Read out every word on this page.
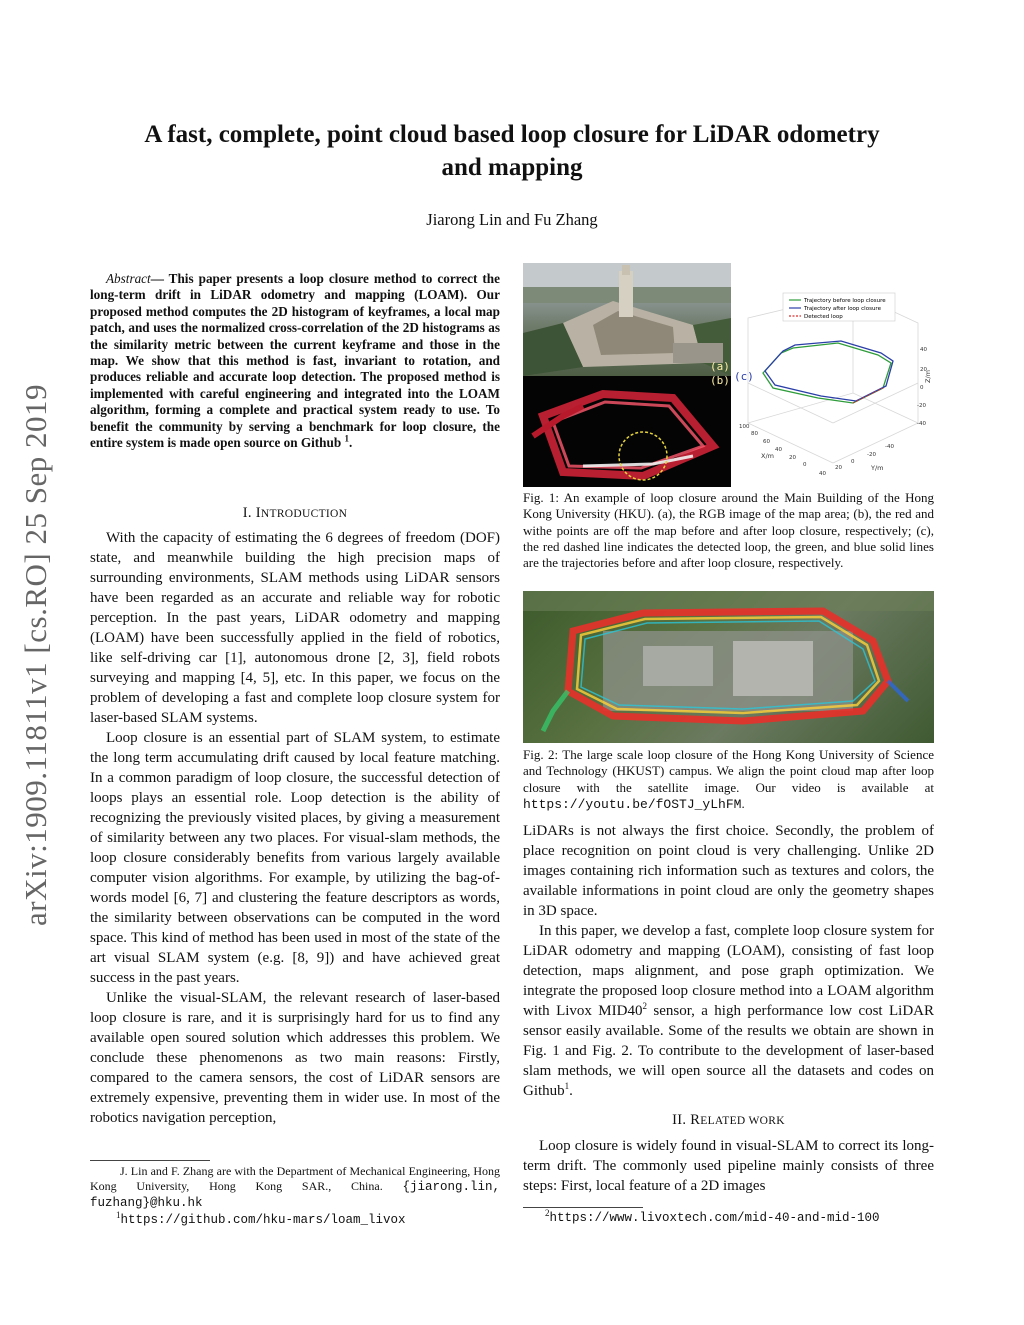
arXiv:1909.11811v1 [cs.RO] 25 Sep 2019
A fast, complete, point cloud based loop closure for LiDAR odometry
and mapping
Jiarong Lin and Fu Zhang

Abstract— This paper presents a loop closure method to correct the long-term drift in LiDAR odometry and mapping (LOAM). Our proposed method computes the 2D histogram of keyframes, a local map patch, and uses the normalized cross-correlation of the 2D histograms as the similarity metric between the current keyframe and those in the map. We show that this method is fast, invariant to rotation, and produces reliable and accurate loop detection. The proposed method is implemented with careful engineering and integrated into the LOAM algorithm, forming a complete and practical system ready to use. To benefit the community by serving a benchmark for loop closure, the entire system is made open source on Github $^1$.

I. INTRODUCTION

With the capacity of estimating the 6 degrees of freedom (DOF) state, and meanwhile building the high precision maps of surrounding environments, SLAM methods using LiDAR sensors have been regarded as an accurate and reliable way for robotic perception. In the past years, LiDAR odometry and mapping (LOAM) have been successfully applied in the field of robotics, like self-driving car [1], autonomous drone [2, 3], field robots surveying and mapping [4, 5], etc. In this paper, we focus on the problem of developing a fast and complete loop closure system for laser-based SLAM systems.

Loop closure is an essential part of SLAM system, to estimate the long term accumulating drift caused by local feature matching. In a common paradigm of loop closure, the successful detection of loops plays an essential role. Loop detection is the ability of recognizing the previously visited places, by giving a measurement of similarity between any two places. For visual-slam methods, the loop closure considerably benefits from various largely available computer vision algorithms. For example, by utilizing the bag-of-words model [6, 7] and clustering the feature descriptors as words, the similarity between observations can be computed in the word space. This kind of method has been used in most of the state of the art visual SLAM system (e.g. [8, 9]) and have achieved great success in the past years.

Unlike the visual-SLAM, the relevant research of laser-based loop closure is rare, and it is surprisingly hard for us to find any available open soured solution which addresses this problem. We conclude these phenomenons as two main reasons: Firstly, compared to the camera sensors, the cost of LiDAR sensors are extremely expensive, preventing them in wider use. In most of the robotics navigation perception,

J. Lin and F. Zhang are with the Department of Mechanical Engineering, Hong Kong University, Hong Kong SAR., China. {jiarong.lin, fuzhang}@hku.hk
$^1$https://github.com/hku-mars/loam_livox
(a)
(b)
Trajectory before loop closure
Trajectory after loop closure
Detected loop
40
20
0
-20
-40
100
80
60
40
20
0
-40
-20
0
20
40
X/m
Y/m
Z/m
(c)
Fig. 1: An example of loop closure around the Main Building of the Hong Kong University (HKU). (a), the RGB image of the map area; (b), the red and withe points are off the map before and after loop closure, respectively; (c), the red dashed line indicates the detected loop, the green, and blue solid lines are the trajectories before and after loop closure, respectively.
Fig. 2: The large scale loop closure of the Hong Kong University of Science and Technology (HKUST) campus. We align the point cloud map after loop closure with the satellite image. Our video is available at https://youtu.be/fOSTJ_yLhFM.

LiDARs is not always the first choice. Secondly, the problem of place recognition on point cloud is very challenging. Unlike 2D images containing rich information such as textures and colors, the available informations in point cloud are only the geometry shapes in 3D space.

In this paper, we develop a fast, complete loop closure system for LiDAR odometry and mapping (LOAM), consisting of fast loop detection, maps alignment, and pose graph optimization. We integrate the proposed loop closure method into a LOAM algorithm with Livox $MID40^2$ sensor, a high performance low cost LiDAR sensor easily available. Some of the results we obtain are shown in Fig. 1 and Fig. 2. To contribute to the development of laser-based slam methods, we will open source all the datasets and codes on Github$^1$.

II. RELATED WORK

Loop closure is widely found in visual-SLAM to correct its long-term drift. The commonly used pipeline mainly consists of three steps: First, local feature of a 2D images

$^2$https://www.livoxtech.com/mid-40-and-mid-100
